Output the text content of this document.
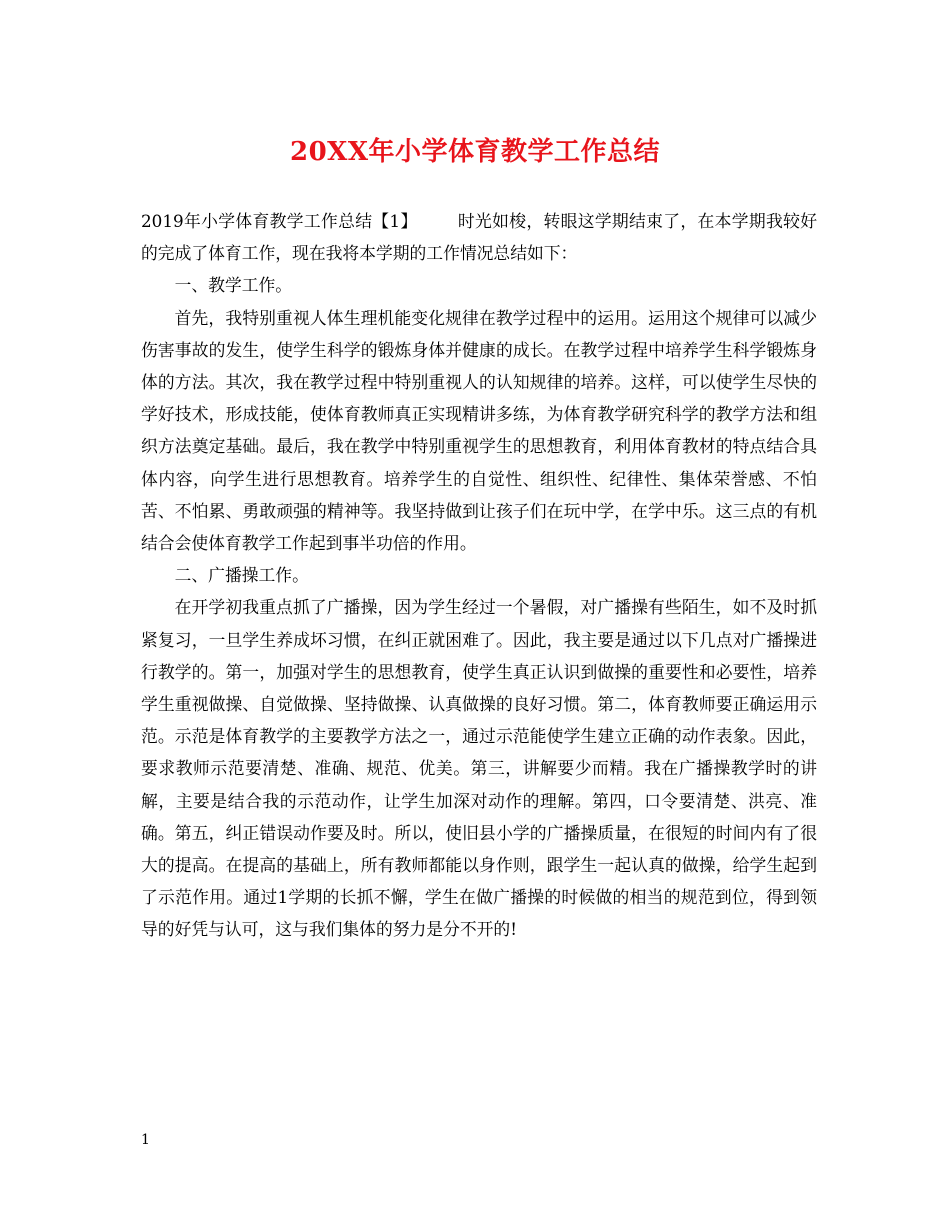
20XX年小学体育教学工作总结

2019年小学体育教学工作总结【1】 时光如梭，转眼这学期结束了，在本学期我较好的完成了体育工作，现在我将本学期的工作情况总结如下：

一、教学工作。

首先，我特别重视人体生理机能变化规律在教学过程中的运用。运用这个规律可以减少伤害事故的发生，使学生科学的锻炼身体并健康的成长。在教学过程中培养学生科学锻炼身体的方法。其次，我在教学过程中特别重视人的认知规律的培养。这样，可以使学生尽快的学好技术，形成技能，使体育教师真正实现精讲多练，为体育教学研究科学的教学方法和组织方法奠定基础。最后，我在教学中特别重视学生的思想教育，利用体育教材的特点结合具体内容，向学生进行思想教育。培养学生的自觉性、组织性、纪律性、集体荣誉感、不怕苦、不怕累、勇敢顽强的精神等。我坚持做到让孩子们在玩中学，在学中乐。这三点的有机结合会使体育教学工作起到事半功倍的作用。

二、广播操工作。

在开学初我重点抓了广播操，因为学生经过一个暑假，对广播操有些陌生，如不及时抓紧复习，一旦学生养成坏习惯，在纠正就困难了。因此，我主要是通过以下几点对广播操进行教学的。第一，加强对学生的思想教育，使学生真正认识到做操的重要性和必要性，培养学生重视做操、自觉做操、坚持做操、认真做操的良好习惯。第二，体育教师要正确运用示范。示范是体育教学的主要教学方法之一，通过示范能使学生建立正确的动作表象。因此，要求教师示范要清楚、准确、规范、优美。第三，讲解要少而精。我在广播操教学时的讲解，主要是结合我的示范动作，让学生加深对动作的理解。第四，口令要清楚、洪亮、准确。第五，纠正错误动作要及时。所以，使旧县小学的广播操质量，在很短的时间内有了很大的提高。在提高的基础上，所有教师都能以身作则，跟学生一起认真的做操，给学生起到了示范作用。通过1学期的长抓不懈，学生在做广播操的时候做的相当的规范到位，得到领导的好凭与认可，这与我们集体的努力是分不开的!

1
